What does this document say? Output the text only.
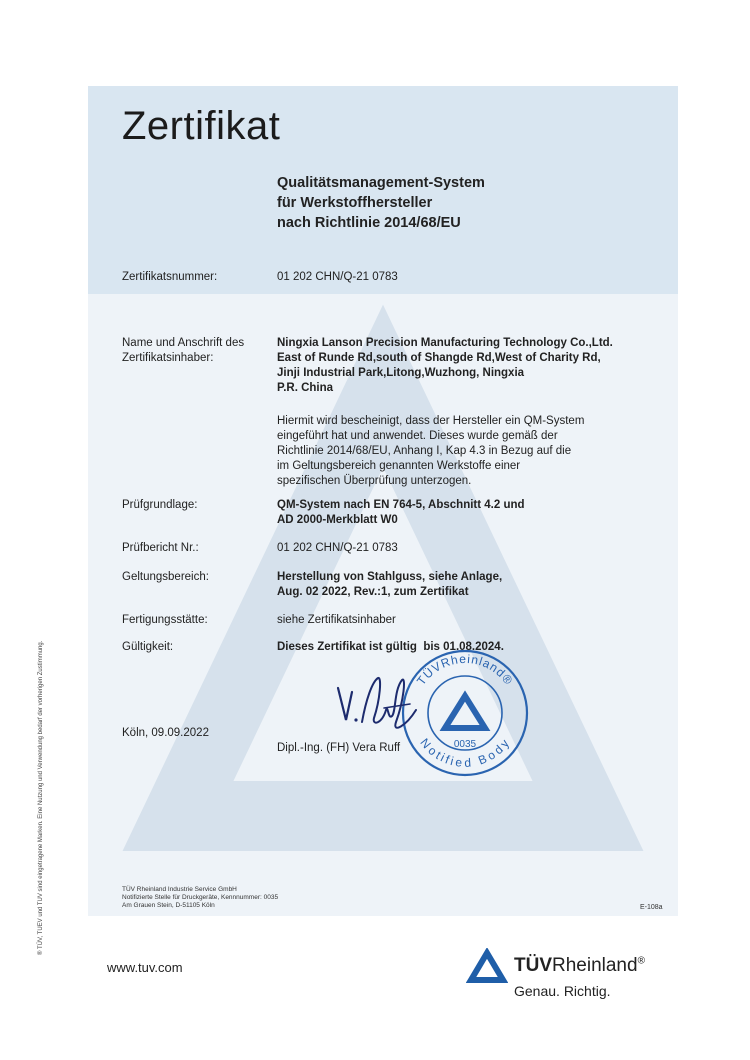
Zertifikat
Qualitätsmanagement-System
für Werkstoffhersteller
nach Richtlinie 2014/68/EU
Zertifikatsnummer:	01 202 CHN/Q-21 0783
Name und Anschrift des
Zertifikatsinhaber:
Ningxia Lanson Precision Manufacturing Technology Co.,Ltd.
East of Runde Rd,south of Shangde Rd,West of Charity Rd,
Jinji Industrial Park,Litong,Wuzhong, Ningxia
P.R. China
Hiermit wird bescheinigt, dass der Hersteller ein QM-System
eingeführt hat und anwendet. Dieses wurde gemäß der
Richtlinie 2014/68/EU, Anhang I, Kap 4.3 in Bezug auf die
im Geltungsbereich genannten Werkstoffe einer
spezifischen Überprüfung unterzogen.
Prüfgrundlage:	QM-System nach EN 764-5, Abschnitt 4.2 und
AD 2000-Merkblatt W0
Prüfbericht Nr.:	01 202 CHN/Q-21 0783
Geltungsbereich:	Herstellung von Stahlguss, siehe Anlage,
Aug. 02 2022, Rev.:1, zum Zertifikat
Fertigungsstätte:	siehe Zertifikatsinhaber
Gültigkeit:	Dieses Zertifikat ist gültig  bis 01.08.2024.
TÜVRheinland®
Notified Body
0035
Köln, 09.09.2022
Dipl.-Ing. (FH) Vera Ruff
TÜV Rheinland Industrie Service GmbH
Notifizierte Stelle für Druckgeräte, Kennnummer: 0035
Am Grauen Stein, D-51105 Köln	E-108a
® TÜV, TUEV und TUV sind eingetragene Marken. Eine Nutzung und Verwendung bedarf der vorherigen Zustimmung.
www.tuv.com	TÜVRheinland®
Genau. Richtig.
